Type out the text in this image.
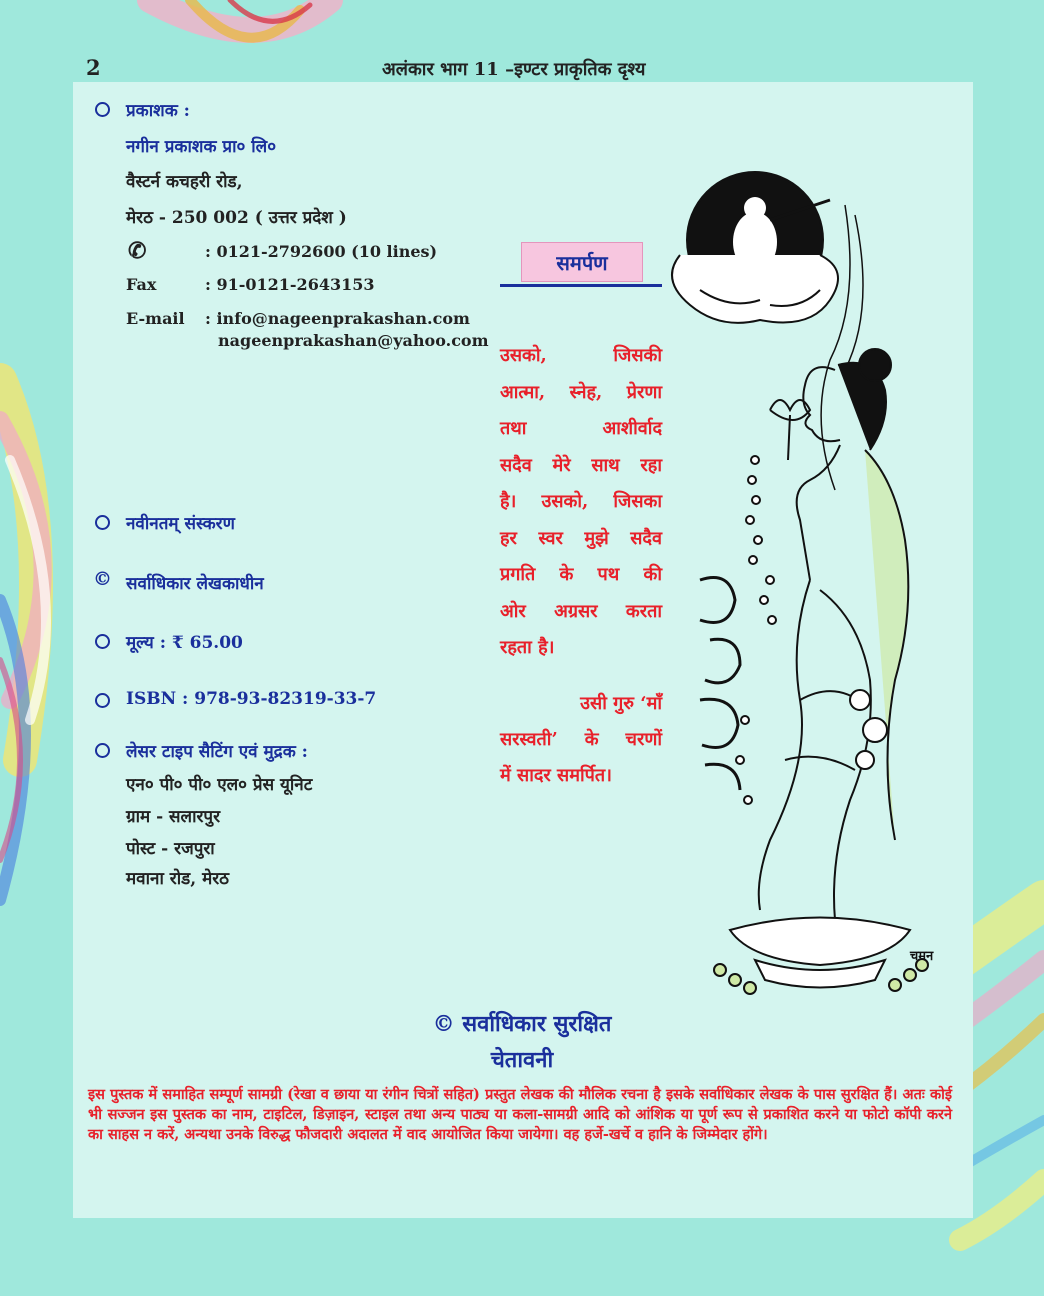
2	अलंकार भाग 11 –इण्टर प्राकृतिक दृश्य
प्रकाशक :
नगीन प्रकाशक प्रा० लि०
वैस्टर्न कचहरी रोड,
मेरठ - 250 002 ( उत्तर प्रदेश )
✆	: 0121-2792600 (10 lines)
Fax	: 91-0121-2643153
E-mail : info@nageenprakashan.com
nageenprakashan@yahoo.com
नवीनतम् संस्करण
© सर्वाधिकार लेखकाधीन
मूल्य : ₹ 65.00
ISBN : 978-93-82319-33-7
लेसर टाइप सैटिंग एवं मुद्रक :
एन० पी० पी० एल० प्रेस यूनिट
ग्राम - सलारपुर
पोस्ट - रजपुरा
मवाना रोड, मेरठ
समर्पण
उसको, जिसकी
आत्मा, स्नेह, प्रेरणा
तथा आशीर्वाद
सदैव मेरे साथ रहा
है। उसको, जिसका
हर स्वर मुझे सदैव
प्रगति के पथ की
ओर अग्रसर करता
रहता है।
उसी गुरु ‘माँ
सरस्वती’ के चरणों
में सादर समर्पित।
चमन
© सर्वाधिकार सुरक्षित
चेतावनी
इस पुस्तक में समाहित सम्पूर्ण सामग्री (रेखा व छाया या रंगीन चित्रों सहित) प्रस्तुत लेखक की मौलिक रचना है इसके सर्वाधिकार लेखक के पास सुरक्षित हैं। अतः कोई भी सज्जन इस पुस्तक का नाम, टाइटिल, डिज़ाइन, स्टाइल तथा अन्य पाठ्य या कला-सामग्री आदि को आंशिक या पूर्ण रूप से प्रकाशित करने या फोटो कॉपी करने का साहस न करें, अन्यथा उनके विरुद्ध फौजदारी अदालत में वाद आयोजित किया जायेगा। वह हर्जे-खर्चे व हानि के जिम्मेदार होंगे।
